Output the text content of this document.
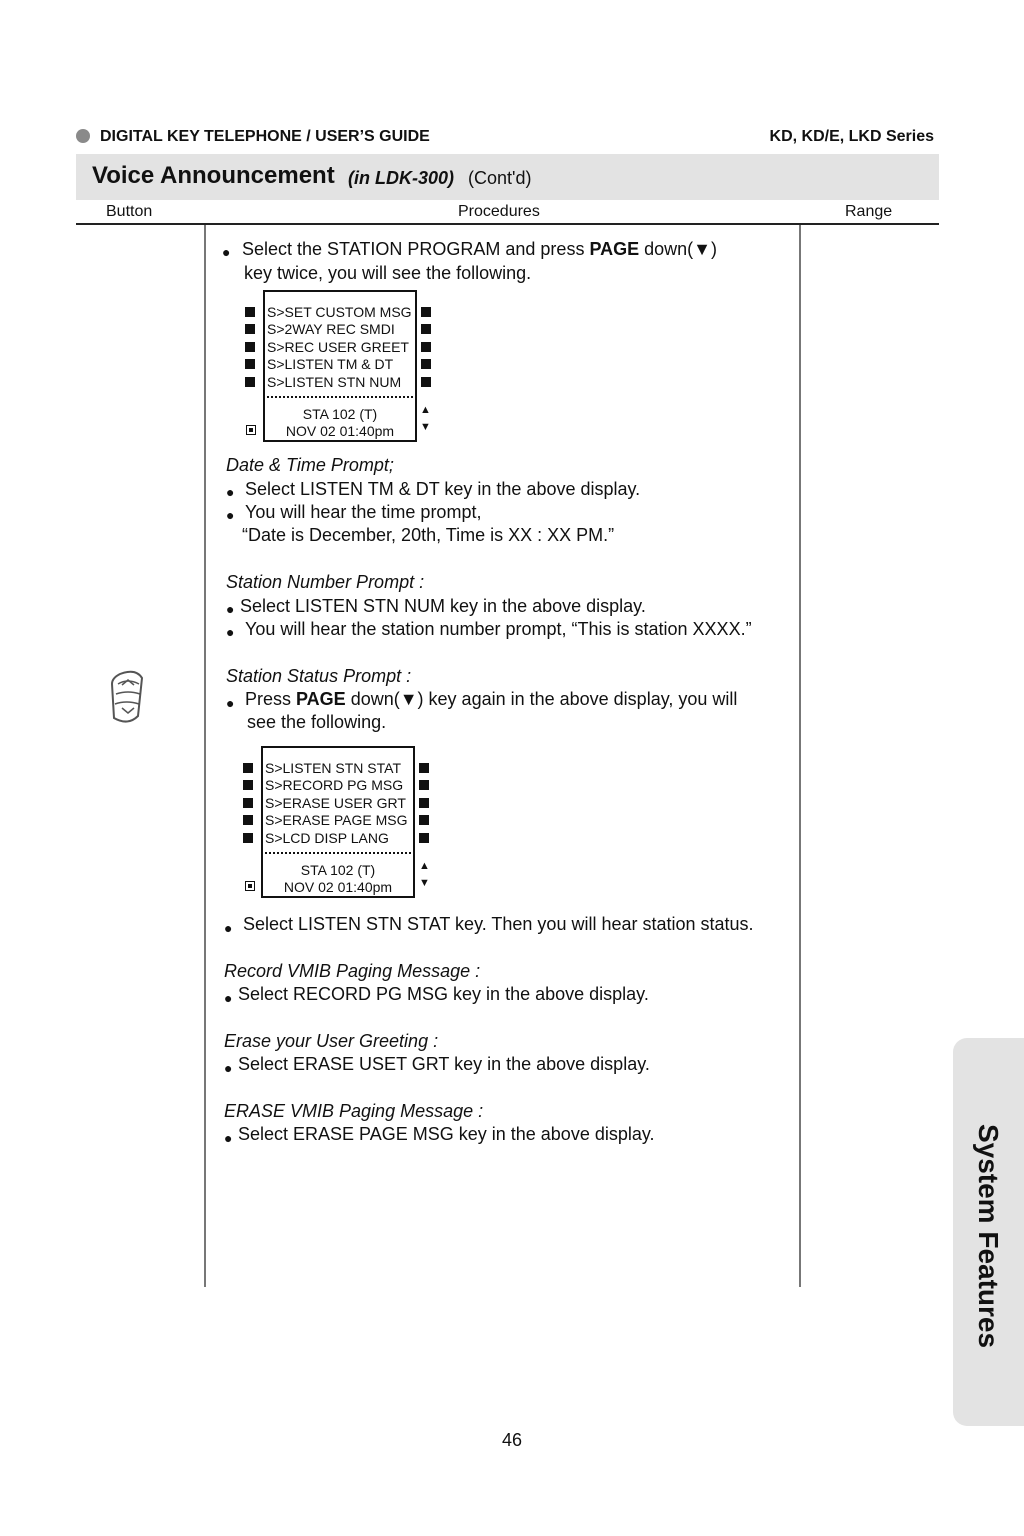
DIGITAL KEY TELEPHONE / USER’S GUIDE	KD, KD/E, LKD Series
Voice Announcement (in LDK-300) (Cont'd)
Button	Procedures	Range
● Select the STATION PROGRAM and press PAGE down(▼)
key twice, you will see the following.
S>SET CUSTOM MSG
S>2WAY REC SMDI
S>REC USER GREET
S>LISTEN TM & DT
S>LISTEN STN NUM
STA 102 (T)
NOV 02 01:40pm
▲
▼
Date & Time Prompt;
● Select LISTEN TM & DT key in the above display.
● You will hear the time prompt,
“Date is December, 20th, Time is XX : XX PM.”
Station Number Prompt :
● Select LISTEN STN NUM key in the above display.
● You will hear the station number prompt, “This is station XXXX.”
Station Status Prompt :
● Press PAGE down(▼) key again in the above display, you will
see the following.
S>LISTEN STN STAT
S>RECORD PG MSG
S>ERASE USER GRT
S>ERASE PAGE MSG
S>LCD DISP LANG
STA 102 (T)
NOV 02 01:40pm
▲
▼
● Select LISTEN STN STAT key. Then you will hear station status.
Record VMIB Paging Message :
● Select RECORD PG MSG key in the above display.
Erase your User Greeting :
● Select ERASE USET GRT key in the above display.
ERASE VMIB Paging Message :
● Select ERASE PAGE MSG key in the above display.	System Features
46
